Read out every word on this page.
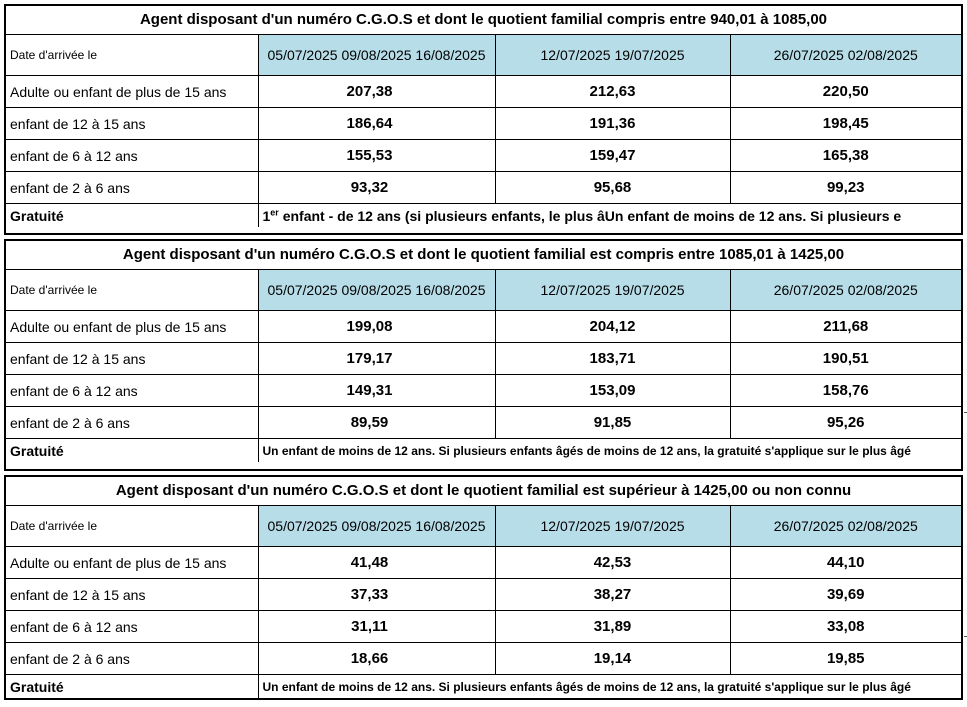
Agent disposant d'un numéro C.G.O.S et dont le quotient familial compris entre 940,01 à 1085,00
Date d'arrivée le	05/07/2025 09/08/2025 16/08/2025	12/07/2025 19/07/2025	26/07/2025 02/08/2025
Adulte ou enfant de plus de 15 ans	207,38	212,63	220,50
enfant de 12 à 15 ans	186,64	191,36	198,45
enfant de 6 à 12 ans	155,53	159,47	165,38
enfant de 2 à 6 ans	93,32	95,68	99,23
Gratuité	1er enfant - de 12 ans (si plusieurs enfants, le plus âUn enfant de moins de 12 ans. Si plusieurs e		
Agent disposant d'un numéro C.G.O.S et dont le quotient familial est compris entre 1085,01 à 1425,00
Date d'arrivée le	05/07/2025 09/08/2025 16/08/2025	12/07/2025 19/07/2025	26/07/2025 02/08/2025
Adulte ou enfant de plus de 15 ans	199,08	204,12	211,68
enfant de 12 à 15 ans	179,17	183,71	190,51
enfant de 6 à 12 ans	149,31	153,09	158,76
enfant de 2 à 6 ans	89,59	91,85	95,26
Gratuité	Un enfant de moins de 12 ans. Si plusieurs enfants âgés de moins de 12 ans, la gratuité s'applique sur le plus âgé		
Agent disposant d'un numéro C.G.O.S et dont le quotient familial est supérieur à 1425,00 ou non connu
Date d'arrivée le	05/07/2025 09/08/2025 16/08/2025	12/07/2025 19/07/2025	26/07/2025 02/08/2025
Adulte ou enfant de plus de 15 ans	41,48	42,53	44,10
enfant de 12 à 15 ans	37,33	38,27	39,69
enfant de 6 à 12 ans	31,11	31,89	33,08
enfant de 2 à 6 ans	18,66	19,14	19,85
Gratuité	Un enfant de moins de 12 ans. Si plusieurs enfants âgés de moins de 12 ans, la gratuité s'applique sur le plus âgé		
